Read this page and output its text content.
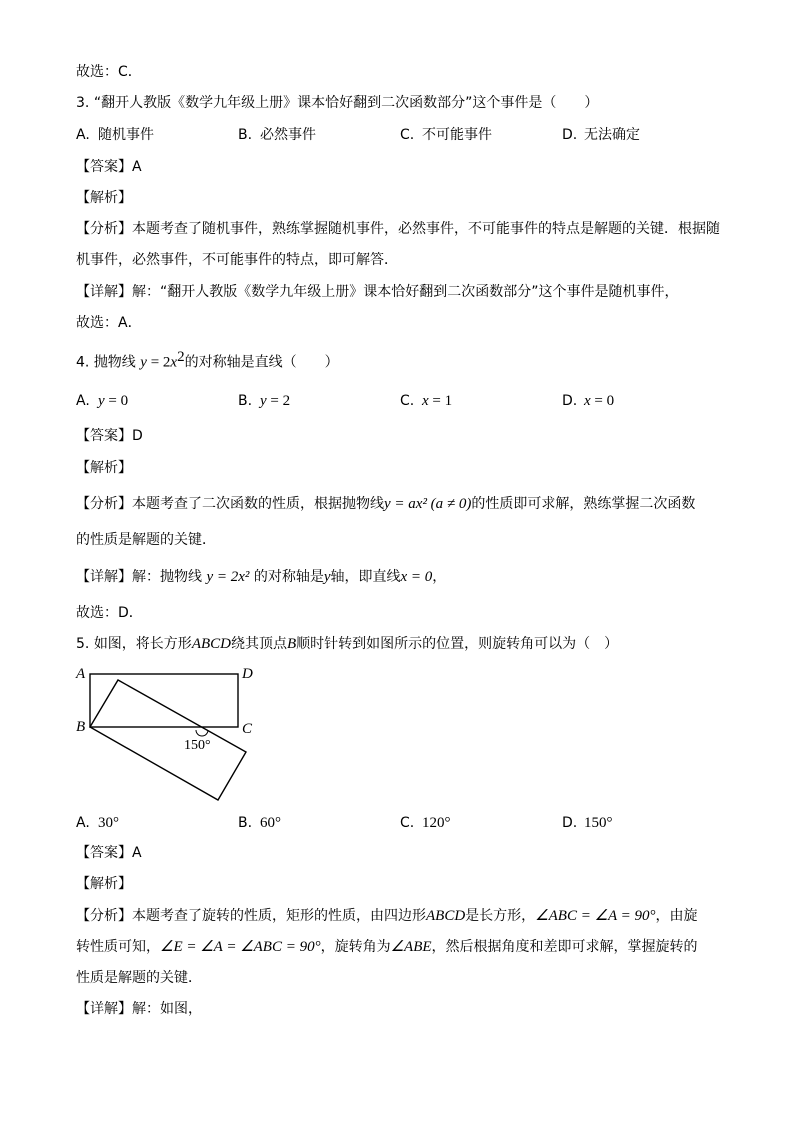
故选：C．
3. “翻开人教版《数学九年级上册》课本恰好翻到二次函数部分”这个事件是（　　）
A. 随机事件	B. 必然事件	C. 不可能事件	D. 无法确定
【答案】A
【解析】
【分析】本题考查了随机事件，熟练掌握随机事件，必然事件，不可能事件的特点是解题的关键．根据随
机事件，必然事件，不可能事件的特点，即可解答．
【详解】解：“翻开人教版《数学九年级上册》课本恰好翻到二次函数部分”这个事件是随机事件，
故选：A．
4. 抛物线 $y = 2x^2$的对称轴是直线（　　）
A. y = 0	B. y = 2	C. x = 1	D. x = 0
【答案】D
【解析】
【分析】本题考查了二次函数的性质，根据抛物线y = ax² (a ≠ 0)的性质即可求解，熟练掌握二次函数
的性质是解题的关键．
【详解】解：抛物线 y = 2x² 的对称轴是y轴，即直线x = 0，
故选：D．
5. 如图，将长方形ABCD绕其顶点B顺时针转到如图所示的位置，则旋转角可以为（　）
A	D
B	C
150°
A. 30°	B. 60°	C. 120°	D. 150°
【答案】A
【解析】
【分析】本题考查了旋转的性质，矩形的性质，由四边形ABCD是长方形，∠ABC = ∠A = 90°，由旋
转性质可知，∠E = ∠A = ∠ABC = 90°，旋转角为∠ABE，然后根据角度和差即可求解，掌握旋转的
性质是解题的关键．
【详解】解：如图，
